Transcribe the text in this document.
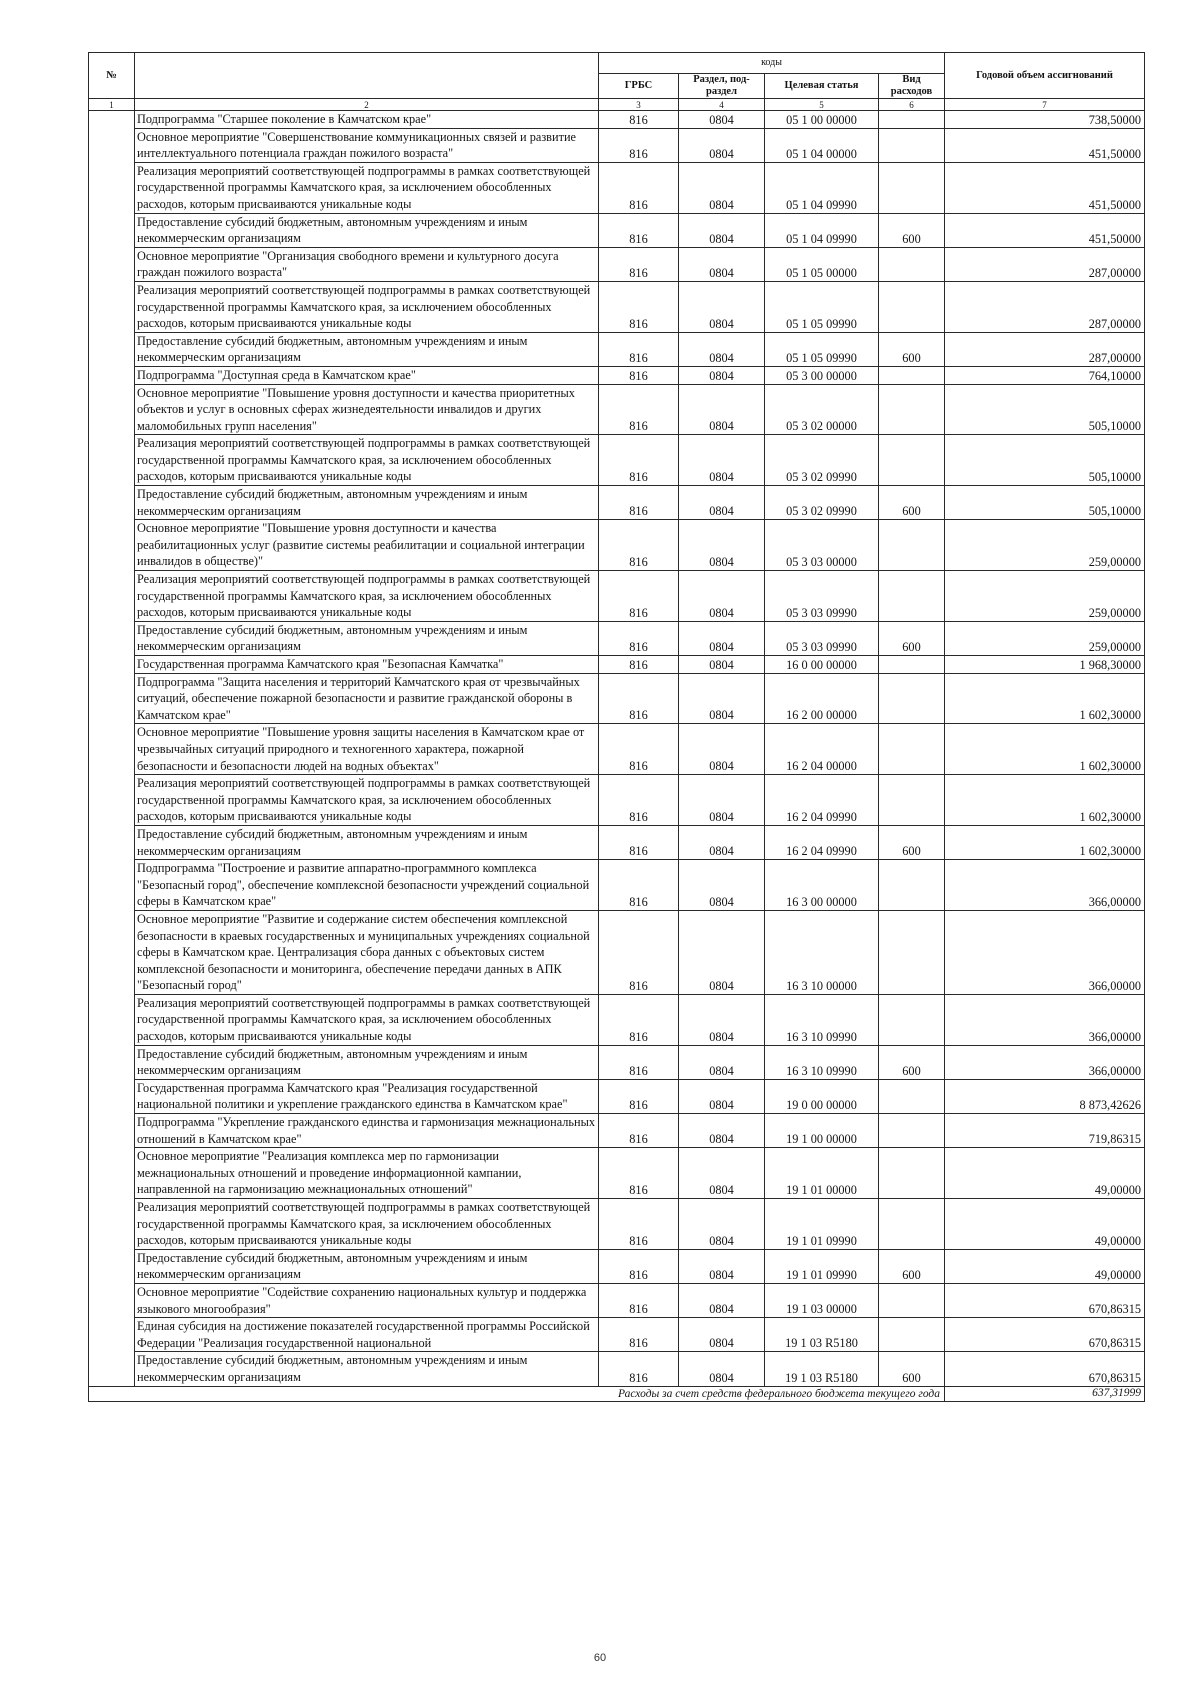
№		коды				Годовой объем ассигнований
		ГРБС	Раздел, под-раздел	Целевая статья	Вид расходов	
1	2	3	4	5	6	7
	Подпрограмма "Старшее поколение в Камчатском крае"	816	0804	05 1 00 00000		738,50000
	Основное мероприятие "Совершенствование коммуникационных связей и развитие интеллектуального потенциала граждан пожилого возраста"	816	0804	05 1 04 00000		451,50000
	Реализация мероприятий соответствующей подпрограммы в рамках соответствующей государственной программы Камчатского края, за исключением обособленных расходов, которым присваиваются уникальные коды	816	0804	05 1 04 09990		451,50000
	Предоставление субсидий бюджетным, автономным учреждениям и иным некоммерческим организациям	816	0804	05 1 04 09990	600	451,50000
	Основное мероприятие "Организация свободного времени и культурного досуга граждан пожилого возраста"	816	0804	05 1 05 00000		287,00000
	Реализация мероприятий соответствующей подпрограммы в рамках соответствующей государственной программы Камчатского края, за исключением обособленных расходов, которым присваиваются уникальные коды	816	0804	05 1 05 09990		287,00000
	Предоставление субсидий бюджетным, автономным учреждениям и иным некоммерческим организациям	816	0804	05 1 05 09990	600	287,00000
	Подпрограмма "Доступная среда в Камчатском крае"	816	0804	05 3 00 00000		764,10000
	Основное мероприятие "Повышение уровня доступности и качества приоритетных объектов и услуг в основных сферах жизнедеятельности инвалидов и других маломобильных групп населения"	816	0804	05 3 02 00000		505,10000
	Реализация мероприятий соответствующей подпрограммы в рамках соответствующей государственной программы Камчатского края, за исключением обособленных расходов, которым присваиваются уникальные коды	816	0804	05 3 02 09990		505,10000
	Предоставление субсидий бюджетным, автономным учреждениям и иным некоммерческим организациям	816	0804	05 3 02 09990	600	505,10000
	Основное мероприятие "Повышение уровня доступности и качества реабилитационных услуг (развитие системы реабилитации и социальной интеграции инвалидов в обществе)"	816	0804	05 3 03 00000		259,00000
	Реализация мероприятий соответствующей подпрограммы в рамках соответствующей государственной программы Камчатского края, за исключением обособленных расходов, которым присваиваются уникальные коды	816	0804	05 3 03 09990		259,00000
	Предоставление субсидий бюджетным, автономным учреждениям и иным некоммерческим организациям	816	0804	05 3 03 09990	600	259,00000
	Государственная программа Камчатского края "Безопасная Камчатка"	816	0804	16 0 00 00000		1 968,30000
	Подпрограмма "Защита населения и территорий Камчатского края от чрезвычайных ситуаций, обеспечение пожарной безопасности и развитие гражданской обороны в Камчатском крае"	816	0804	16 2 00 00000		1 602,30000
	Основное мероприятие "Повышение уровня защиты населения в Камчатском крае от чрезвычайных ситуаций природного и техногенного характера, пожарной безопасности и безопасности людей на водных объектах"	816	0804	16 2 04 00000		1 602,30000
	Реализация мероприятий соответствующей подпрограммы в рамках соответствующей государственной программы Камчатского края, за исключением обособленных расходов, которым присваиваются уникальные коды	816	0804	16 2 04 09990		1 602,30000
	Предоставление субсидий бюджетным, автономным учреждениям и иным некоммерческим организациям	816	0804	16 2 04 09990	600	1 602,30000
	Подпрограмма "Построение и развитие аппаратно-программного комплекса "Безопасный город", обеспечение комплексной безопасности учреждений социальной сферы в Камчатском крае"	816	0804	16 3 00 00000		366,00000
	Основное мероприятие "Развитие и содержание систем обеспечения комплексной безопасности в краевых государственных и муниципальных учреждениях социальной сферы в Камчатском крае. Централизация сбора данных с объектовых систем комплексной безопасности и мониторинга, обеспечение передачи данных в АПК "Безопасный город"	816	0804	16 3 10 00000		366,00000
	Реализация мероприятий соответствующей подпрограммы в рамках соответствующей государственной программы Камчатского края, за исключением обособленных расходов, которым присваиваются уникальные коды	816	0804	16 3 10 09990		366,00000
	Предоставление субсидий бюджетным, автономным учреждениям и иным некоммерческим организациям	816	0804	16 3 10 09990	600	366,00000
	Государственная программа Камчатского края "Реализация государственной национальной политики и укрепление гражданского единства в Камчатском крае"	816	0804	19 0 00 00000		8 873,42626
	Подпрограмма "Укрепление гражданского единства и гармонизация межнациональных отношений в Камчатском крае"	816	0804	19 1 00 00000		719,86315
	Основное мероприятие "Реализация комплекса мер по гармонизации межнациональных отношений и проведение информационной кампании, направленной на гармонизацию межнациональных отношений"	816	0804	19 1 01 00000		49,00000
	Реализация мероприятий соответствующей подпрограммы в рамках соответствующей государственной программы Камчатского края, за исключением обособленных расходов, которым присваиваются уникальные коды	816	0804	19 1 01 09990		49,00000
	Предоставление субсидий бюджетным, автономным учреждениям и иным некоммерческим организациям	816	0804	19 1 01 09990	600	49,00000
	Основное мероприятие "Содействие сохранению национальных культур и поддержка языкового многообразия"	816	0804	19 1 03 00000		670,86315
	Единая субсидия на достижение показателей государственной программы Российской Федерации "Реализация государственной национальной	816	0804	19 1 03 R5180		670,86315
	Предоставление субсидий бюджетным, автономным учреждениям и иным некоммерческим организациям	816	0804	19 1 03 R5180	600	670,86315
Расходы за счет средств федерального бюджета текущего года						637,31999
60
